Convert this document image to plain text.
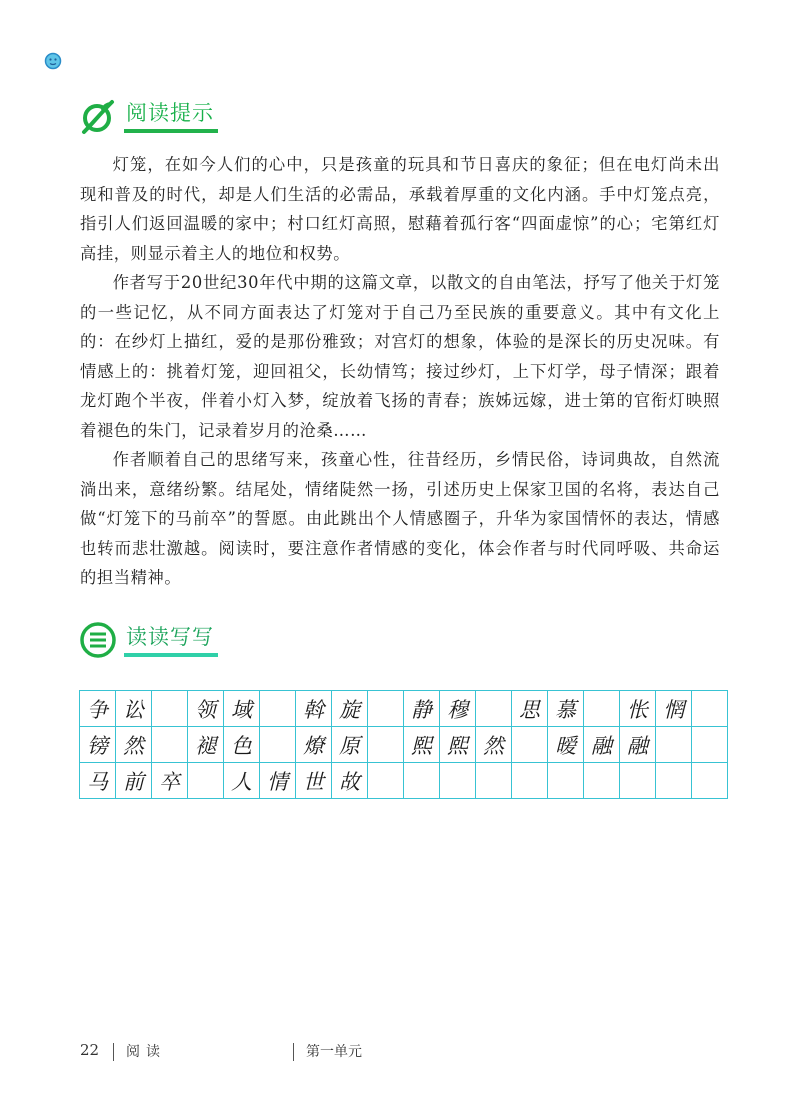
阅读提示

灯笼，在如今人们的心中，只是孩童的玩具和节日喜庆的象征；但在电灯尚未出现和普及的时代，却是人们生活的必需品，承载着厚重的文化内涵。手中灯笼点亮，指引人们返回温暖的家中；村口红灯高照，慰藉着孤行客“四面虚惊”的心；宅第红灯高挂，则显示着主人的地位和权势。

作者写于20世纪30年代中期的这篇文章，以散文的自由笔法，抒写了他关于灯笼的一些记忆，从不同方面表达了灯笼对于自己乃至民族的重要意义。其中有文化上的：在纱灯上描红，爱的是那份雅致；对宫灯的想象，体验的是深长的历史况味。有情感上的：挑着灯笼，迎回祖父，长幼情笃；接过纱灯，上下灯学，母子情深；跟着龙灯跑个半夜，伴着小灯入梦，绽放着飞扬的青春；族姊远嫁，进士第的官衔灯映照着褪色的朱门，记录着岁月的沧桑……

作者顺着自己的思绪写来，孩童心性，往昔经历，乡情民俗，诗词典故，自然流淌出来，意绪纷繁。结尾处，情绪陡然一扬，引述历史上保家卫国的名将，表达自己做“灯笼下的马前卒”的誓愿。由此跳出个人情感圈子，升华为家国情怀的表达，情感也转而悲壮激越。阅读时，要注意作者情感的变化，体会作者与时代同呼吸、共命运的担当精神。

读读写写
争 讼	领 域	斡 旋	静 穆	思 慕	怅 惘
镑 然	褪 色	燎 原	熙 熙 然	暧 融 融
马 前 卒	人 情 世 故
22 阅读	第一单元
